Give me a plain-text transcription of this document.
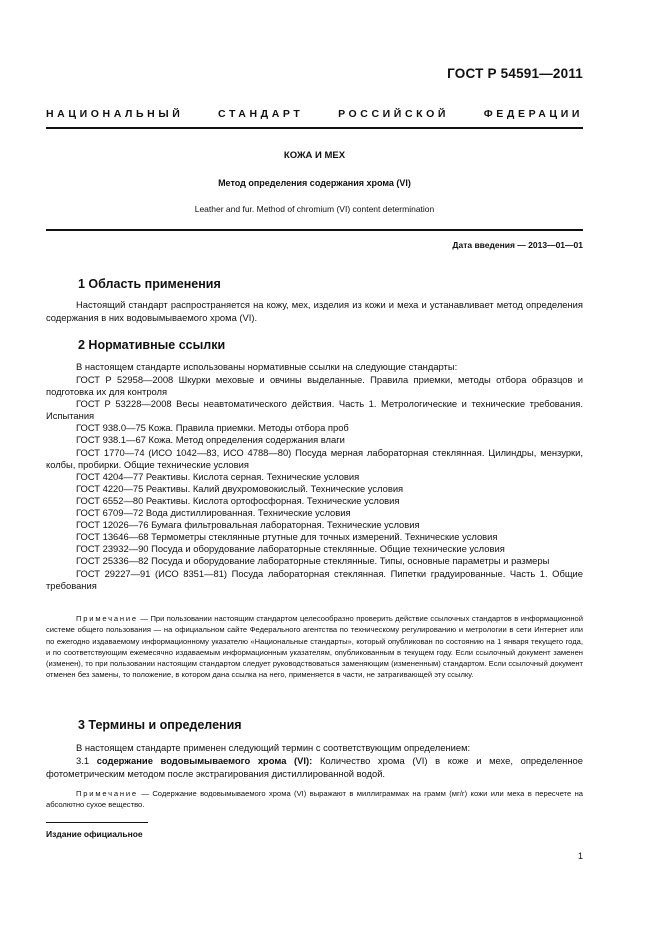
ГОСТ Р 54591—2011
НАЦИОНАЛЬНЫЙ СТАНДАРТ РОССИЙСКОЙ ФЕДЕРАЦИИ
КОЖА И МЕХ
Метод определения содержания хрома (VI)
Leather and fur. Method of chromium (VI) content determination
Дата введения — 2013—01—01
1 Область применения
Настоящий стандарт распространяется на кожу, мех, изделия из кожи и меха и устанавливает метод определения содержания в них водовымываемого хрома (VI).
2 Нормативные ссылки
В настоящем стандарте использованы нормативные ссылки на следующие стандарты:
ГОСТ Р 52958—2008 Шкурки меховые и овчины выделанные. Правила приемки, методы отбора образцов и подготовка их для контроля
ГОСТ Р 53228—2008 Весы неавтоматического действия. Часть 1. Метрологические и технические требования. Испытания
ГОСТ 938.0—75 Кожа. Правила приемки. Методы отбора проб
ГОСТ 938.1—67 Кожа. Метод определения содержания влаги
ГОСТ 1770—74 (ИСО 1042—83, ИСО 4788—80) Посуда мерная лабораторная стеклянная. Цилиндры, мензурки, колбы, пробирки. Общие технические условия
ГОСТ 4204—77 Реактивы. Кислота серная. Технические условия
ГОСТ 4220—75 Реактивы. Калий двухромовокислый. Технические условия
ГОСТ 6552—80 Реактивы. Кислота ортофосфорная. Технические условия
ГОСТ 6709—72 Вода дистиллированная. Технические условия
ГОСТ 12026—76 Бумага фильтровальная лабораторная. Технические условия
ГОСТ 13646—68 Термометры стеклянные ртутные для точных измерений. Технические условия
ГОСТ 23932—90 Посуда и оборудование лабораторные стеклянные. Общие технические условия
ГОСТ 25336—82 Посуда и оборудование лабораторные стеклянные. Типы, основные параметры и размеры
ГОСТ 29227—91 (ИСО 8351—81) Посуда лабораторная стеклянная. Пипетки градуированные. Часть 1. Общие требования
Примечание — При пользовании настоящим стандартом целесообразно проверить действие ссылочных стандартов в информационной системе общего пользования — на официальном сайте Федерального агентства по техническому регулированию и метрологии в сети Интернет или по ежегодно издаваемому информационному указателю «Национальные стандарты», который опубликован по состоянию на 1 января текущего года, и по соответствующим ежемесячно издаваемым информационным указателям, опубликованным в текущем году. Если ссылочный документ заменен (изменен), то при пользовании настоящим стандартом следует руководствоваться заменяющим (измененным) стандартом. Если ссылочный документ отменен без замены, то положение, в котором дана ссылка на него, применяется в части, не затрагивающей эту ссылку.
3 Термины и определения
В настоящем стандарте применен следующий термин с соответствующим определением:
3.1 содержание водовымываемого хрома (VI): Количество хрома (VI) в коже и мехе, определенное фотометрическим методом после экстрагирования дистиллированной водой.
Примечание — Содержание водовымываемого хрома (VI) выражают в миллиграммах на грамм (мг/г) кожи или меха в пересчете на абсолютно сухое вещество.
Издание официальное
1
